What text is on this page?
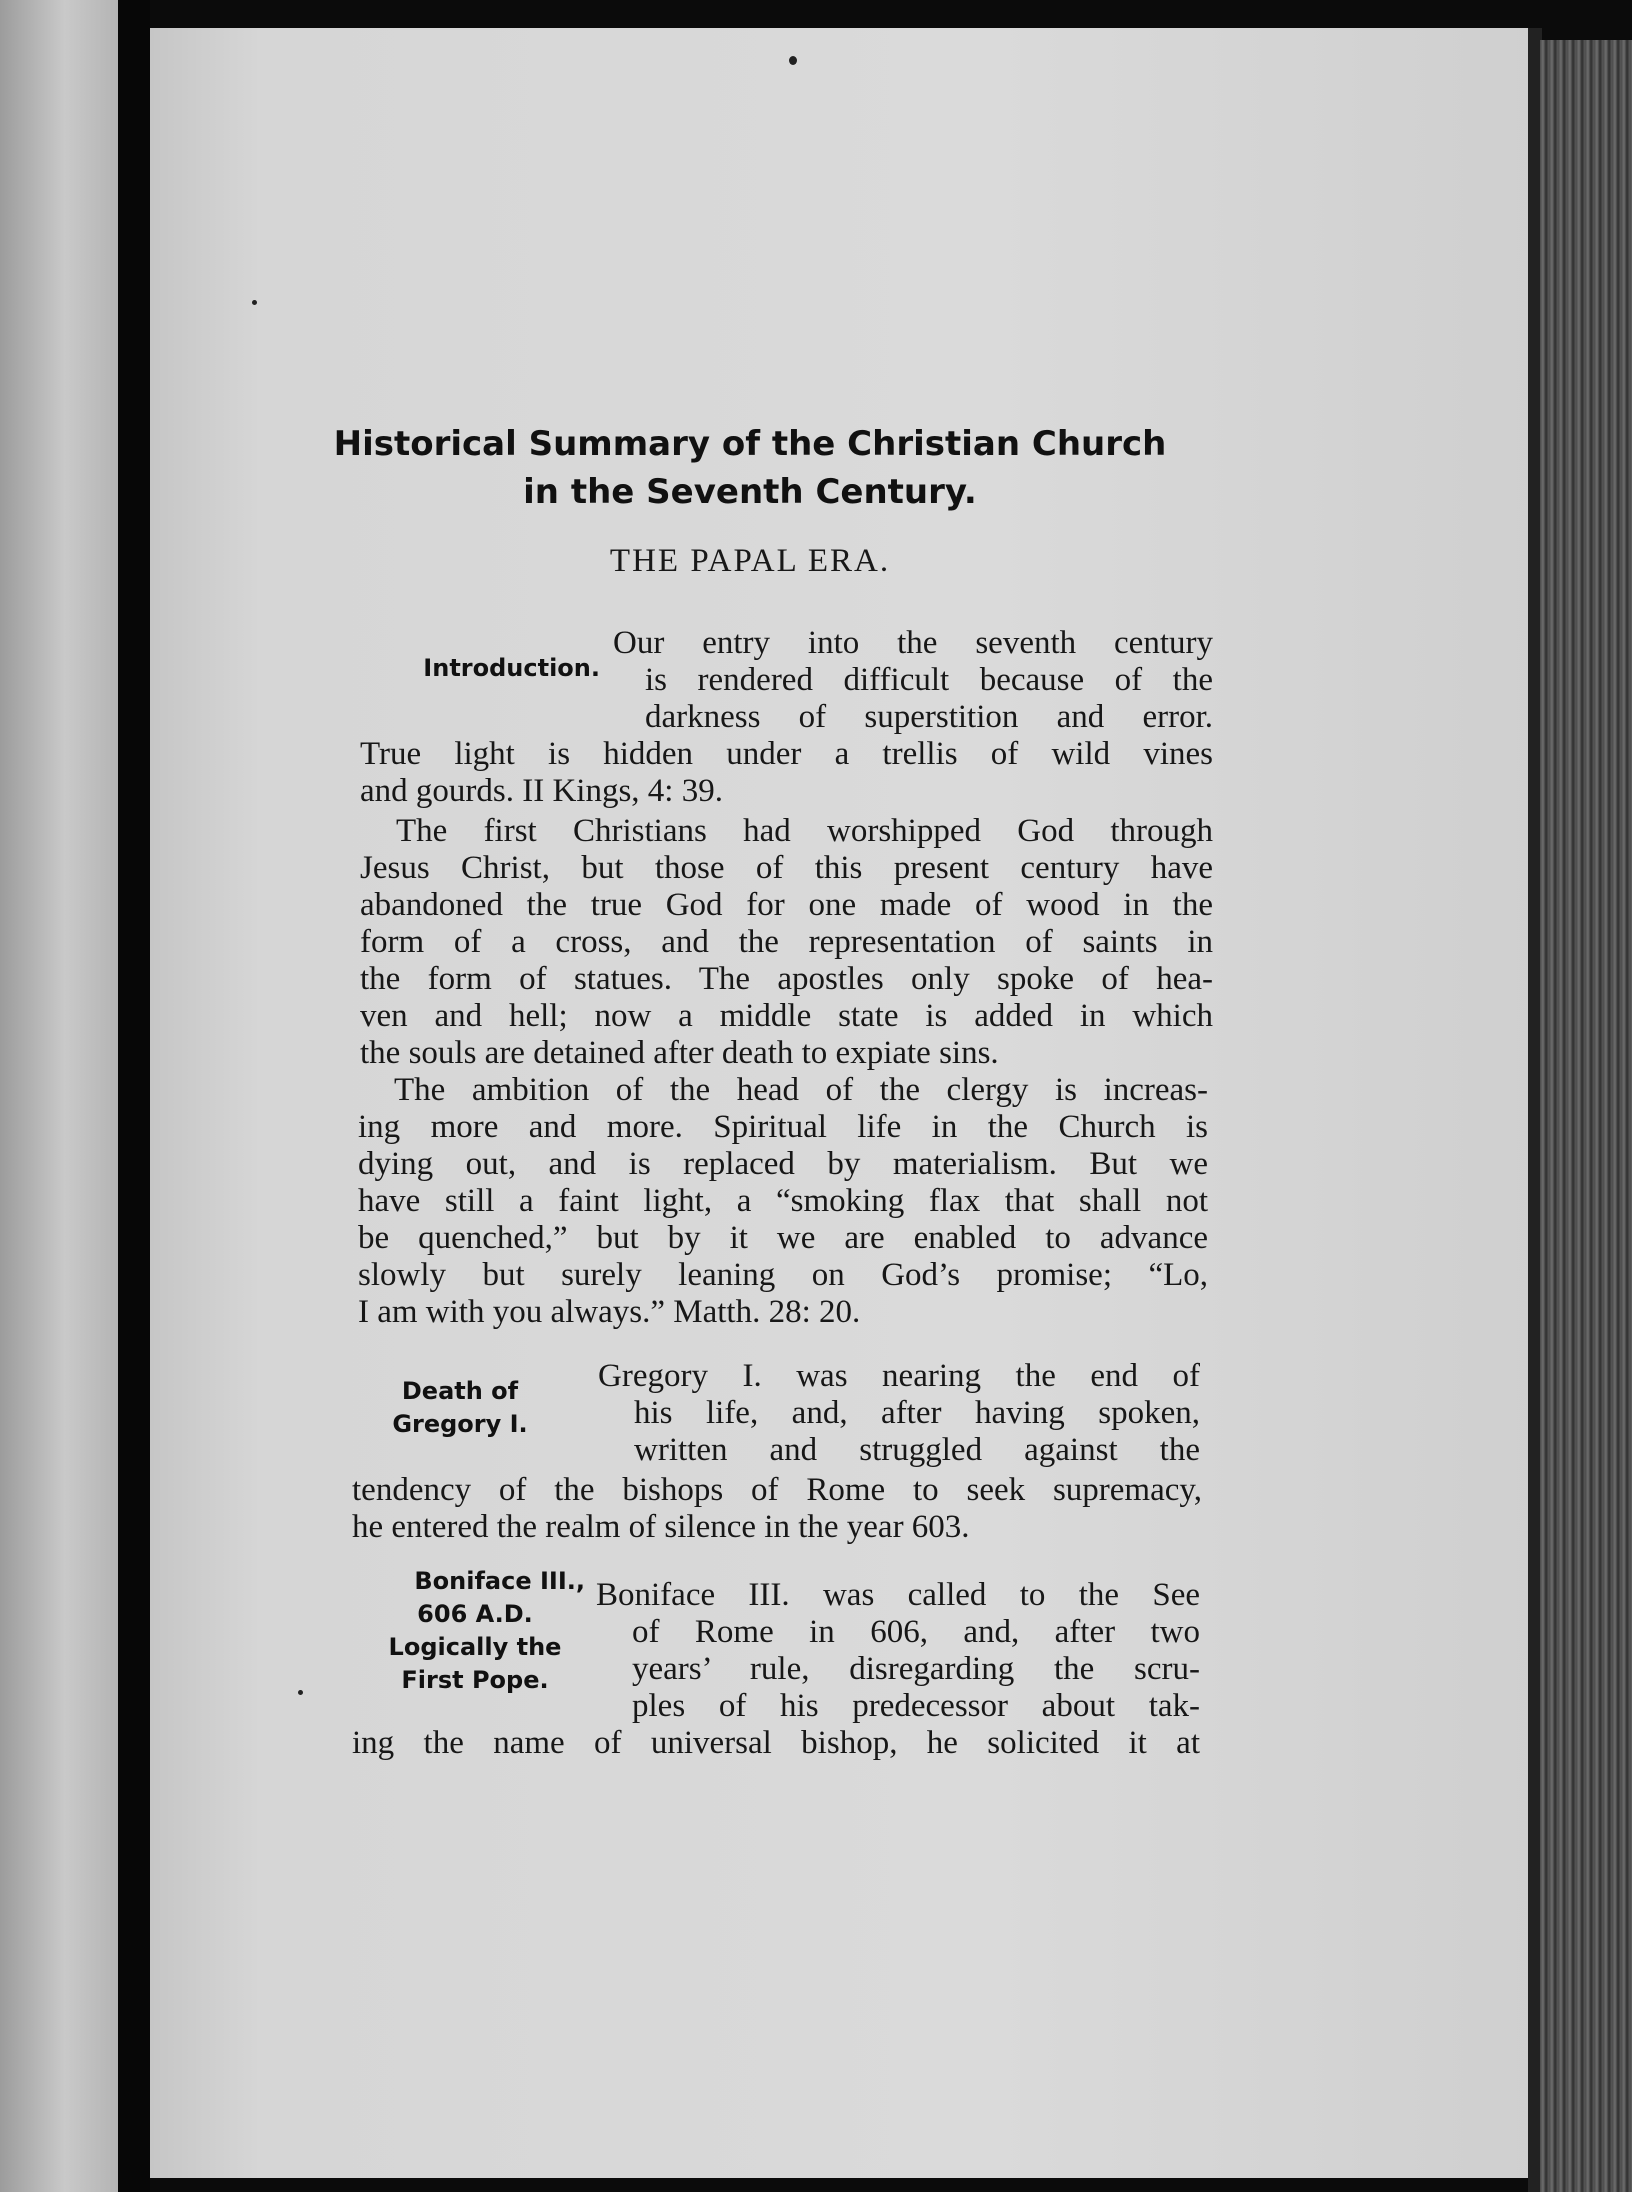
Historical Summary of the Christian Church
in the Seventh Century.
THE PAPAL ERA.
Introduction.
Our entry into the seventh century
is rendered difficult because of the
darkness of superstition and error.
True light is hidden under a trellis of wild vines
and gourds. II Kings, 4: 39.
The first Christians had worshipped God through
Jesus Christ, but those of this present century have
abandoned the true God for one made of wood in the
form of a cross, and the representation of saints in
the form of statues. The apostles only spoke of hea-
ven and hell; now a middle state is added in which
the souls are detained after death to expiate sins.
The ambition of the head of the clergy is increas-
ing more and more. Spiritual life in the Church is
dying out, and is replaced by materialism. But we
have still a faint light, a “smoking flax that shall not
be quenched,” but by it we are enabled to advance
slowly but surely leaning on God’s promise; “Lo,
I am with you always.” Matth. 28: 20.
Death of
Gregory I.
Gregory I. was nearing the end of
his life, and, after having spoken,
written and struggled against the
tendency of the bishops of Rome to seek supremacy,
he entered the realm of silence in the year 603.
Boniface III.,
606 A.D.
Logically the
First Pope.
Boniface III. was called to the See
of Rome in 606, and, after two
years’ rule, disregarding the scru-
ples of his predecessor about tak-
ing the name of universal bishop, he solicited it at
